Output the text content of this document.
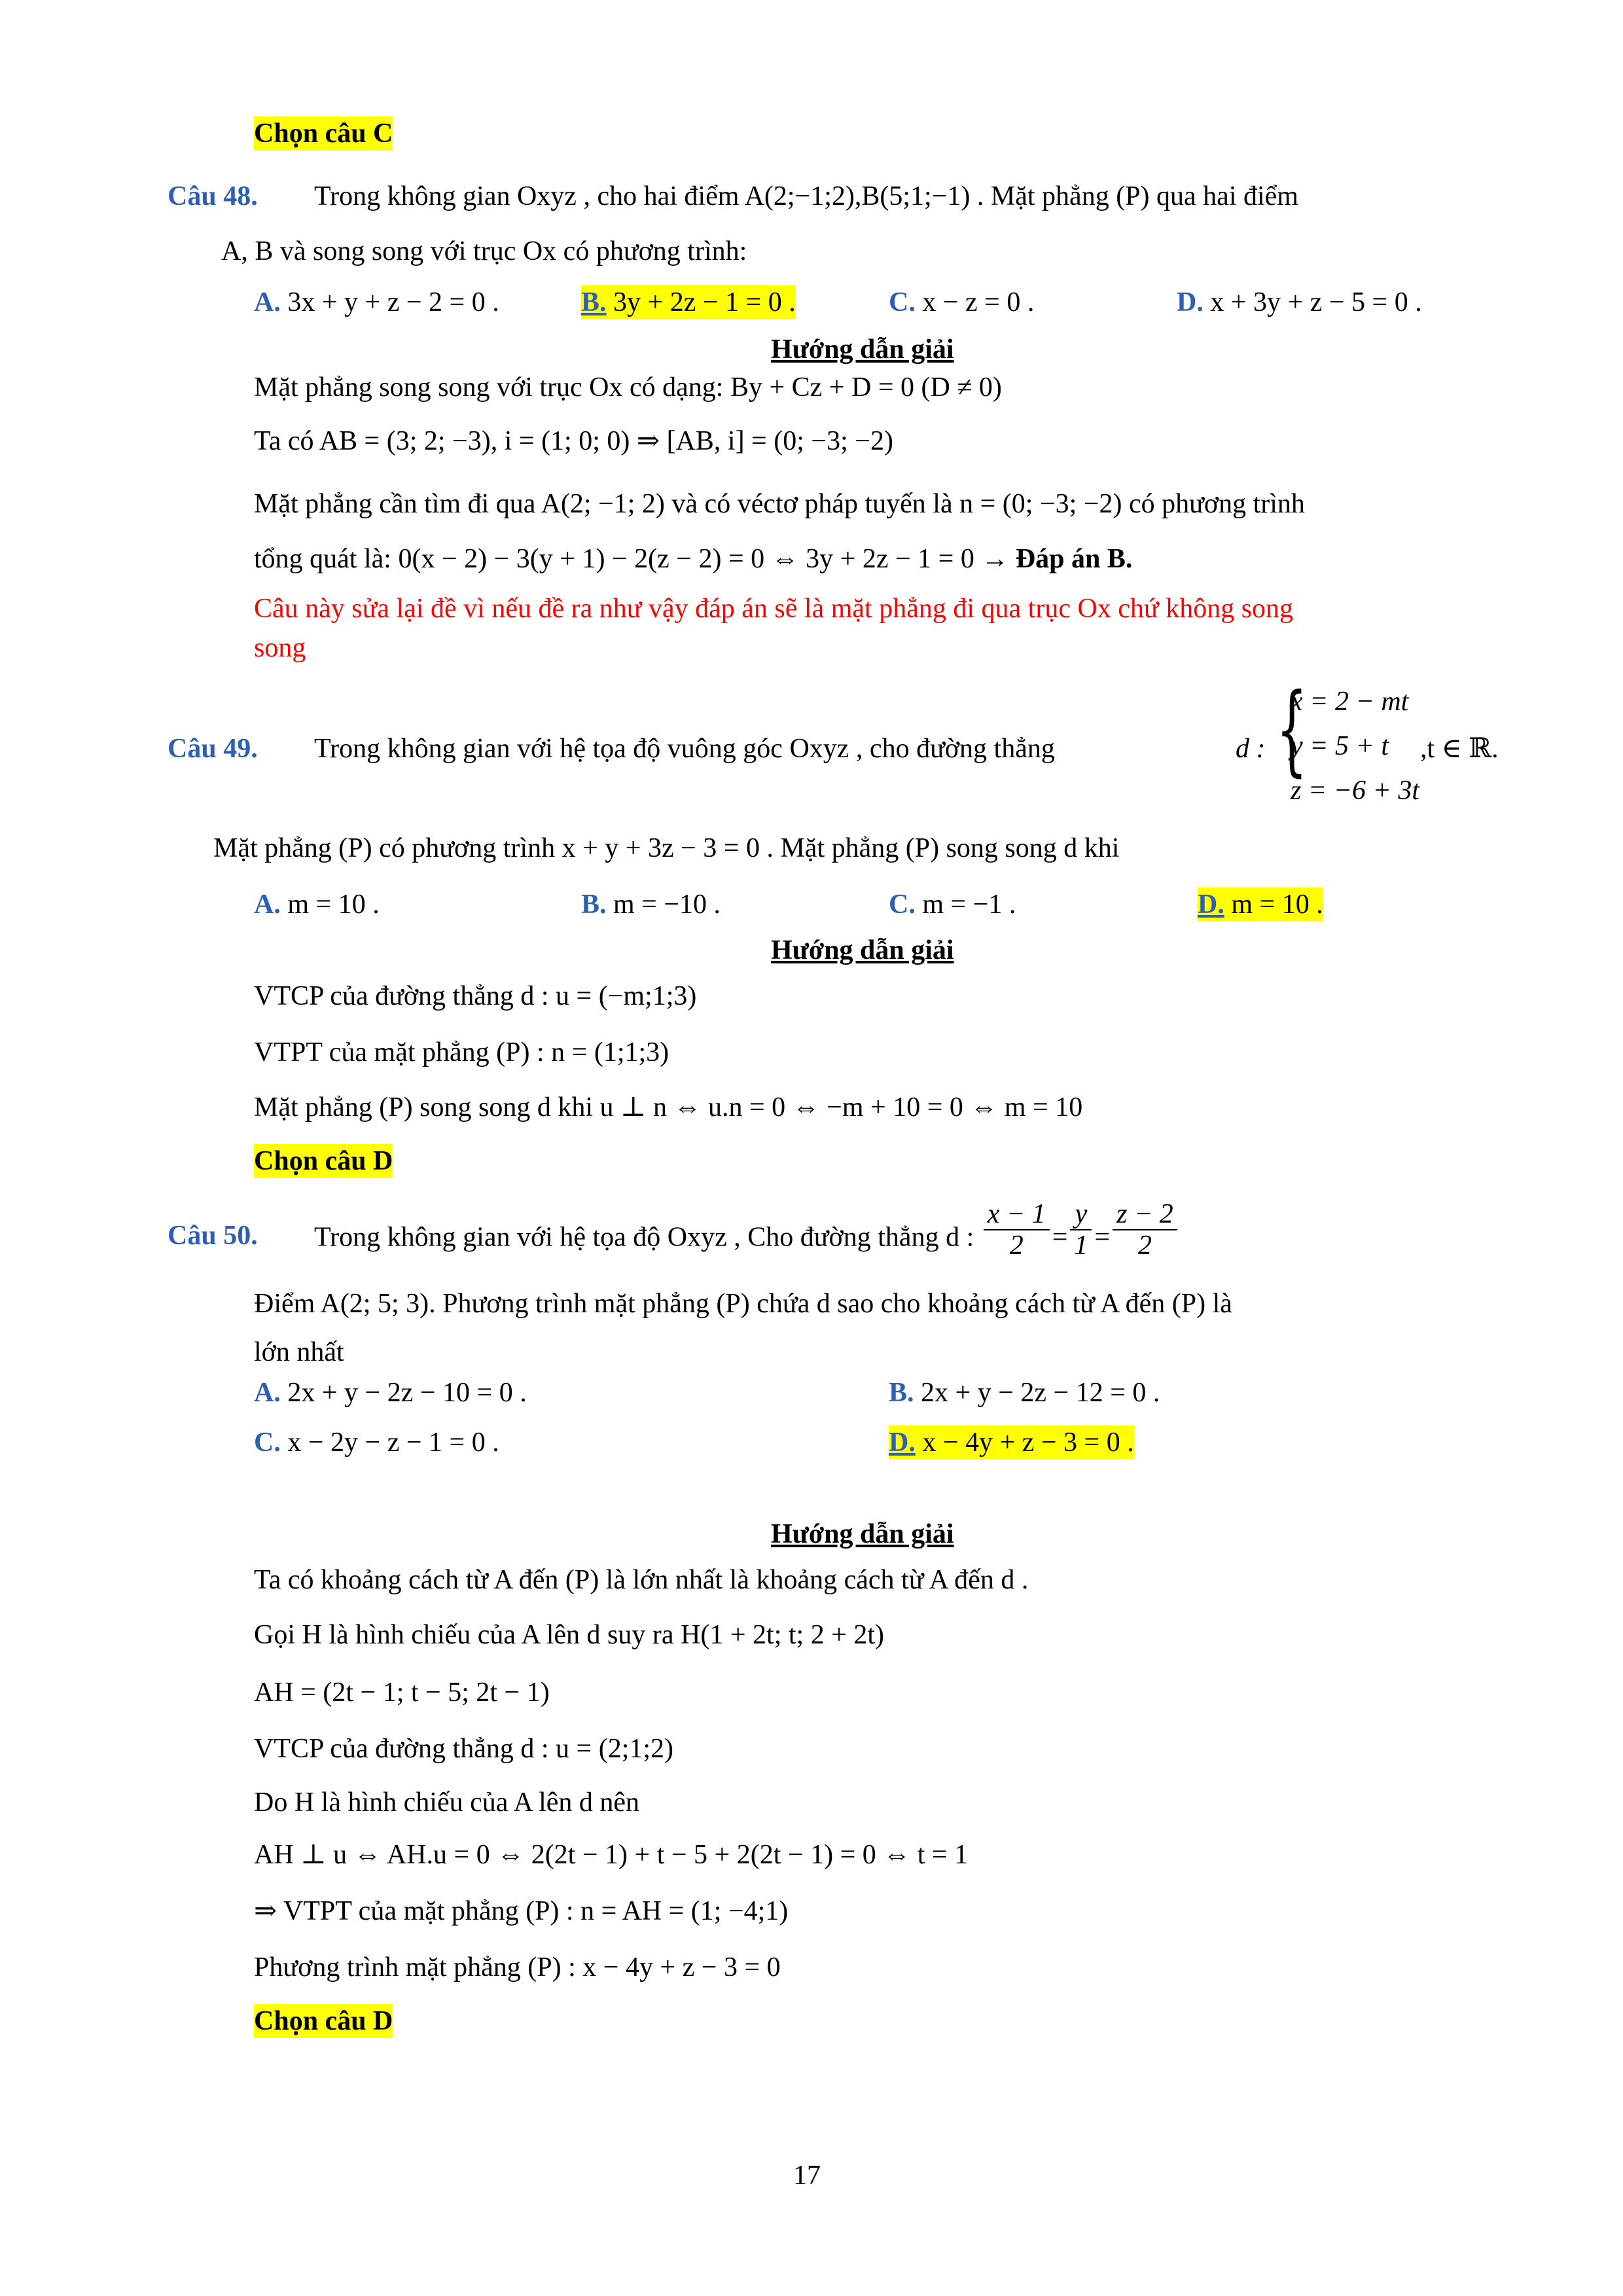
Chọn câu C
Câu 48. Trong không gian Oxyz , cho hai điểm A(2;−1;2),B(5;1;−1) . Mặt phẳng (P) qua hai điểm
A, B và song song với trục Ox có phương trình:
A. 3x + y + z − 2 = 0 .	B. 3y + 2z − 1 = 0 .	C. x − z = 0 .	D. x + 3y + z − 5 = 0 .
Hướng dẫn giải
Mặt phẳng song song với trục Ox có dạng: By + Cz + D = 0 (D ≠ 0)
Ta có AB = (3; 2; −3), i = (1; 0; 0) ⇒ [AB, i] = (0; −3; −2)
Mặt phẳng cần tìm đi qua A(2; −1; 2) và có véctơ pháp tuyến là n = (0; −3; −2) có phương trình
tổng quát là: 0(x − 2) − 3(y + 1) − 2(z − 2) = 0 ⇔ 3y + 2z − 1 = 0 → Đáp án B.
Câu này sửa lại đề vì nếu đề ra như vậy đáp án sẽ là mặt phẳng đi qua trục Ox chứ không song
song
Câu 49. Trong không gian với hệ tọa độ vuông góc Oxyz , cho đường thẳng	d : {
x = 2 − mt
y = 5 + t
z = −6 + 3t
,t ∈ ℝ.
Mặt phẳng (P) có phương trình x + y + 3z − 3 = 0 . Mặt phẳng (P) song song d khi
A. m = 10 .	B. m = −10 .	C. m = −1 .	D. m = 10 .
Hướng dẫn giải
VTCP của đường thẳng d : u = (−m;1;3)
VTPT của mặt phẳng (P) : n = (1;1;3)
Mặt phẳng (P) song song d khi u ⊥ n ⇔ u.n = 0 ⇔ −m + 10 = 0 ⇔ m = 10
Chọn câu D
Câu 50. Trong không gian với hệ tọa độ Oxyz , Cho đường thẳng d : $\frac{x - 1}{2} = \frac{y}{1} = \frac{z - 2}{2}$
Điểm A(2; 5; 3). Phương trình mặt phẳng (P) chứa d sao cho khoảng cách từ A đến (P) là
lớn nhất
A. 2x + y − 2z − 10 = 0 .	B. 2x + y − 2z − 12 = 0 .
C. x − 2y − z − 1 = 0 .	D. x − 4y + z − 3 = 0 .
Hướng dẫn giải
Ta có khoảng cách từ A đến (P) là lớn nhất là khoảng cách từ A đến d .
Gọi H là hình chiếu của A lên d suy ra H(1 + 2t; t; 2 + 2t)
AH = (2t − 1; t − 5; 2t − 1)
VTCP của đường thẳng d : u = (2;1;2)
Do H là hình chiếu của A lên d nên
AH ⊥ u ⇔ AH.u = 0 ⇔ 2(2t − 1) + t − 5 + 2(2t − 1) = 0 ⇔ t = 1
⇒ VTPT của mặt phẳng (P) : n = AH = (1; −4;1)
Phương trình mặt phẳng (P) : x − 4y + z − 3 = 0
Chọn câu D
17
